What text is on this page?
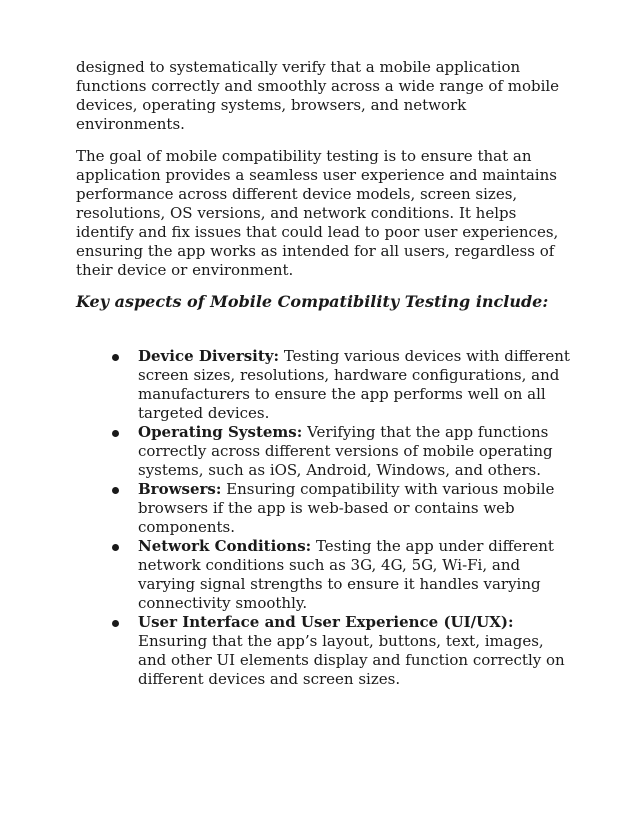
designed to systematically verify that a mobile application functions correctly and smoothly across a wide range of mobile devices, operating systems, browsers, and network environments.

The goal of mobile compatibility testing is to ensure that an application provides a seamless user experience and maintains performance across different device models, screen sizes, resolutions, OS versions, and network conditions. It helps identify and fix issues that could lead to poor user experiences, ensuring the app works as intended for all users, regardless of their device or environment.

Key aspects of Mobile Compatibility Testing include:

Device Diversity: Testing various devices with different screen sizes, resolutions, hardware configurations, and manufacturers to ensure the app performs well on all targeted devices.
Operating Systems: Verifying that the app functions correctly across different versions of mobile operating systems, such as iOS, Android, Windows, and others.
Browsers: Ensuring compatibility with various mobile browsers if the app is web-based or contains web components.
Network Conditions: Testing the app under different network conditions such as 3G, 4G, 5G, Wi-Fi, and varying signal strengths to ensure it handles varying connectivity smoothly.
User Interface and User Experience (UI/UX): Ensuring that the app’s layout, buttons, text, images, and other UI elements display and function correctly on different devices and screen sizes.
